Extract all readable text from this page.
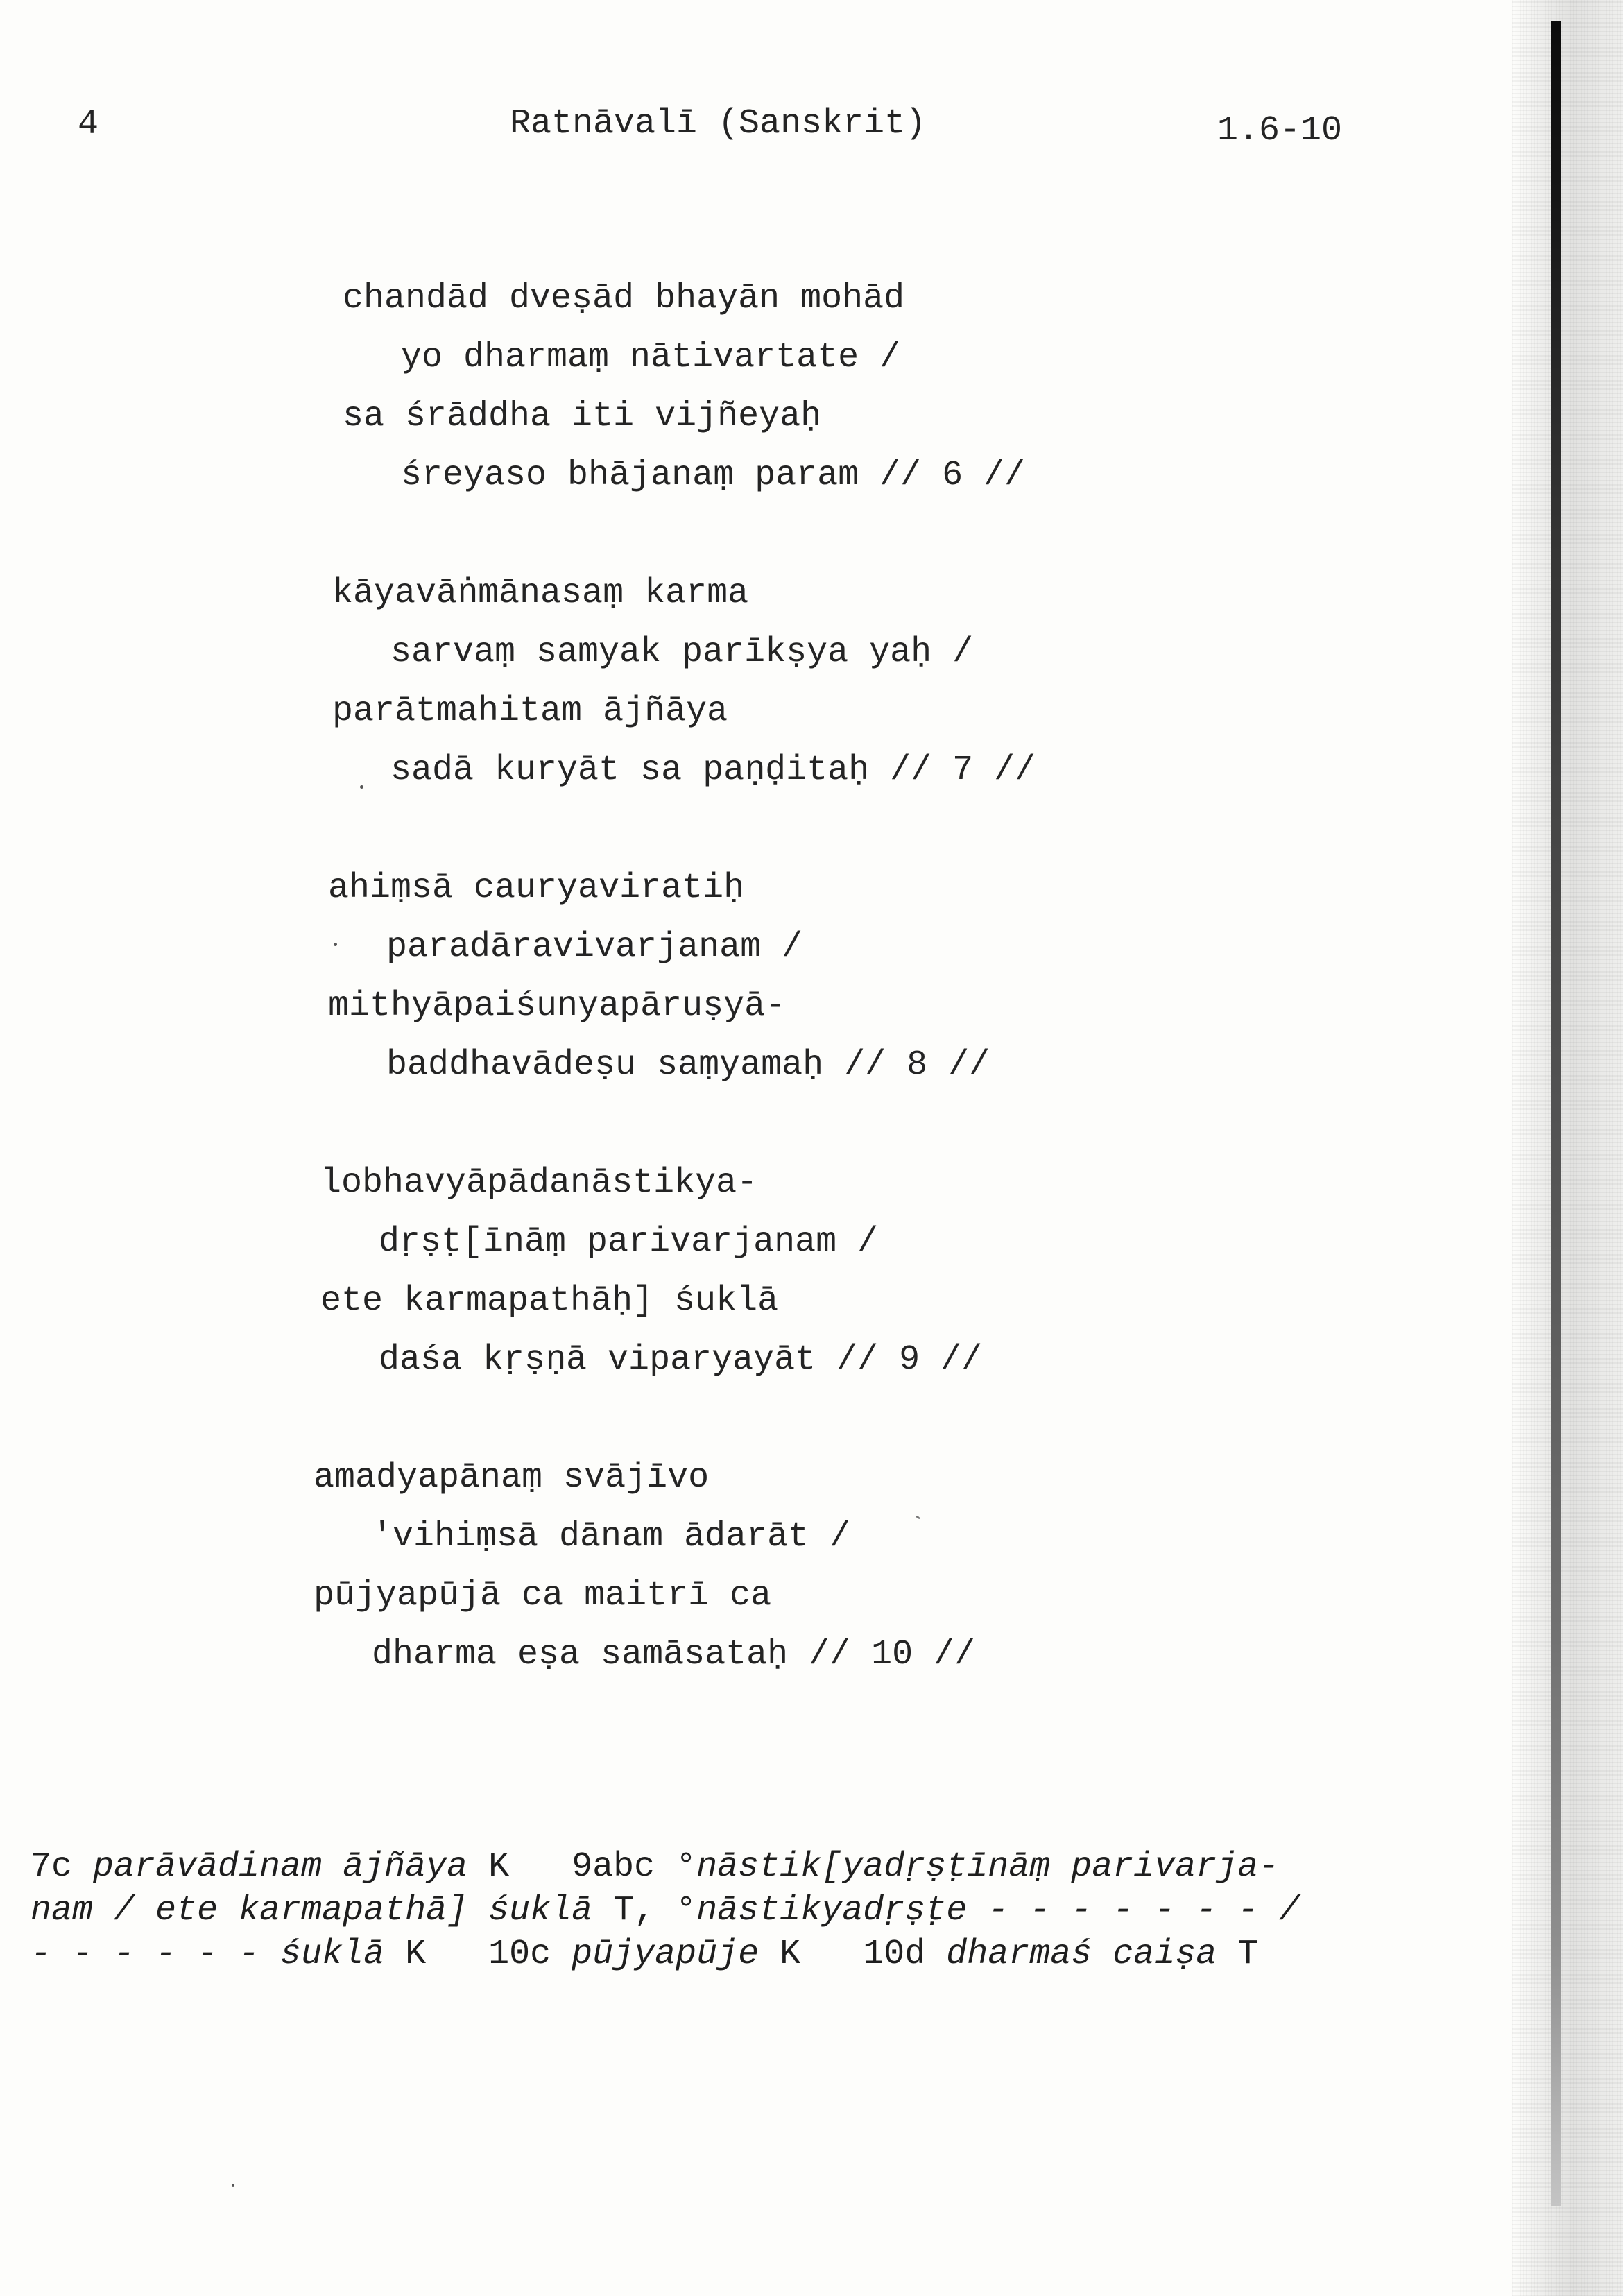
4	Ratnāvalī (Sanskrit)	1.6-10
chandād dveṣād bhayān mohād
yo dharmaṃ nātivartate /
sa śrāddha iti vijñeyaḥ
śreyaso bhājanaṃ param // 6 //
kāyavāṅmānasaṃ karma
sarvaṃ samyak parīkṣya yaḥ /
parātmahitam ājñāya
sadā kuryāt sa paṇḍitaḥ // 7 //
ahiṃsā cauryaviratiḥ
paradāravivarjanam /
mithyāpaiśunyapāruṣyā-
baddhavādeṣu saṃyamaḥ // 8 //
lobhavyāpādanāstikya-
dṛṣṭ[īnāṃ parivarjanam /
ete karmapathāḥ] śuklā
daśa kṛṣṇā viparyayāt // 9 //
amadyapānaṃ svājīvo
'vihiṃsā dānam ādarāt /
pūjyapūjā ca maitrī ca
dharma eṣa samāsataḥ // 10 //
7c parāvādinam ājñāya K 9abc °nāstik[yadṛṣṭīnāṃ parivarja-
nam / ete karmapathā] śuklā T, °nāstikyadṛṣṭe - - - - - - - /
- - - - - - śuklā K 10c pūjyapūje K 10d dharmaś caiṣa T
